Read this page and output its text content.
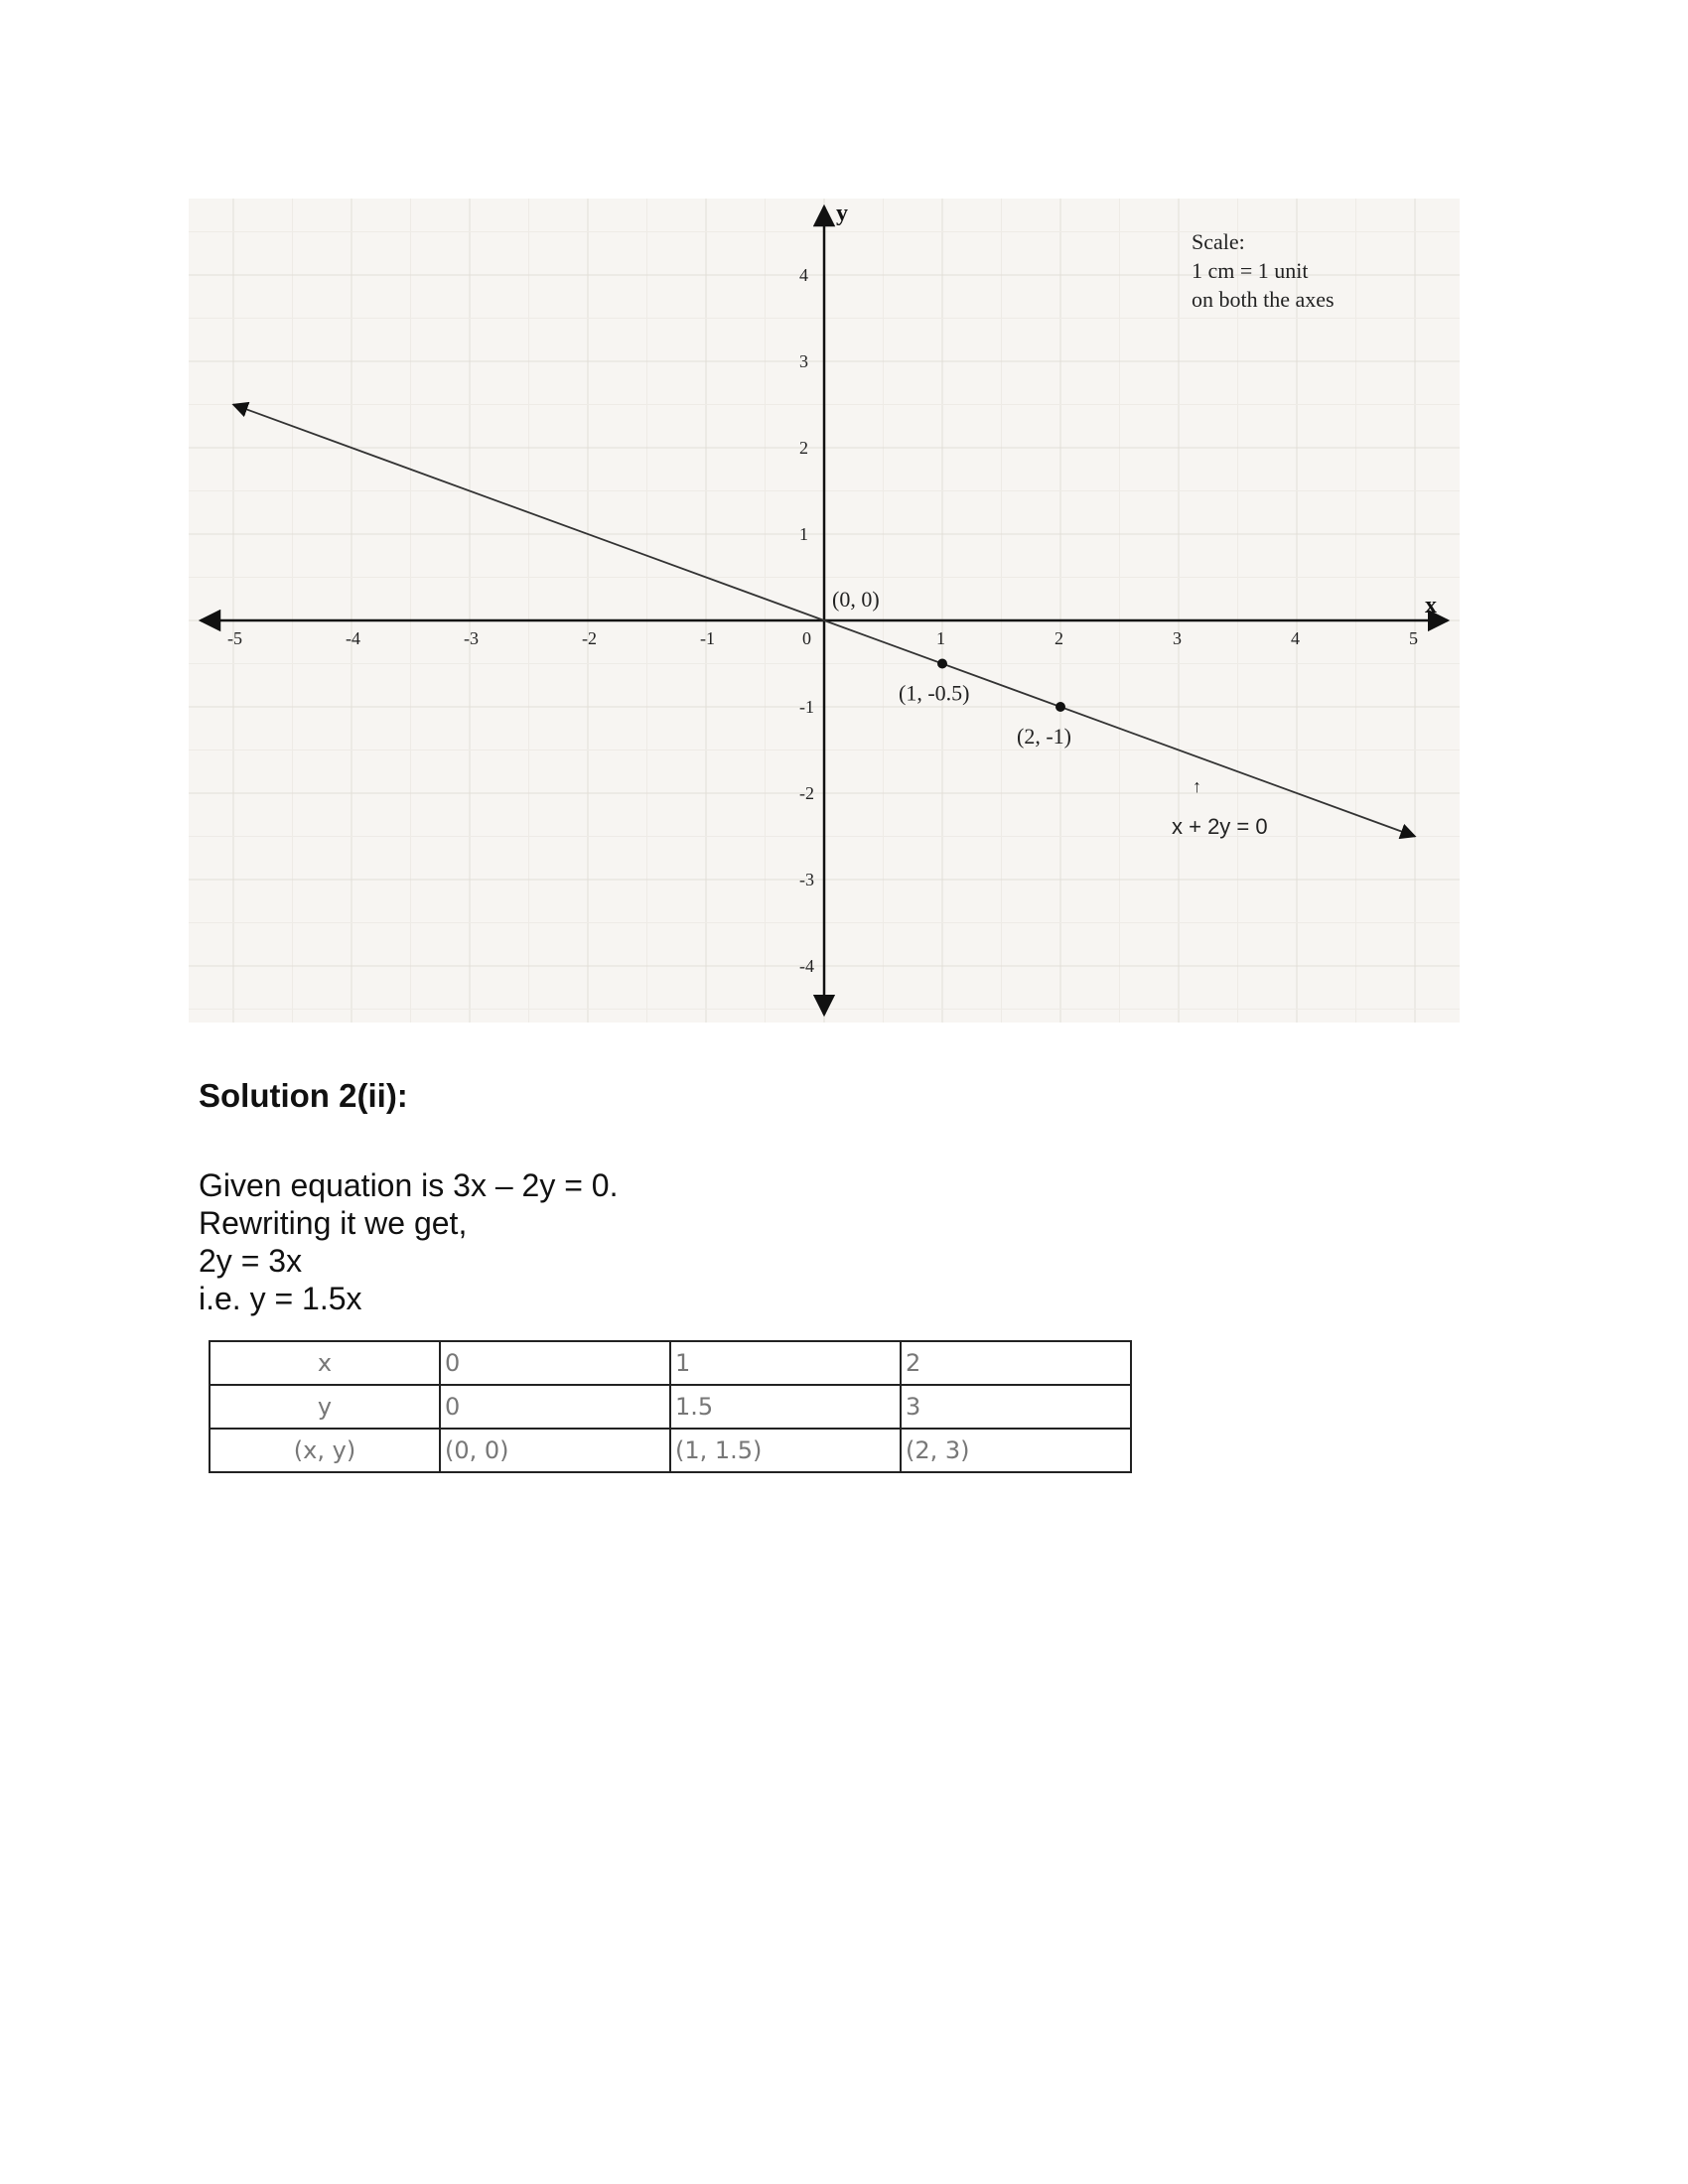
-5	-4	-3	-2	-1	0	1	2	3	4	5
4
3
2
1
-1
-2
-3
-4
(0, 0)
(1, -0.5)
(2, -1)
x
y
x + 2y = 0
↑
Scale:
1 cm = 1 unit
on both the axes
Solution 2(ii):
Given equation is 3x – 2y = 0.
Rewriting it we get,
2y = 3x
i.e. y = 1.5x
x	0	1	2
y	0	1.5	3
(x, y)	(0, 0)	(1, 1.5)	(2, 3)
